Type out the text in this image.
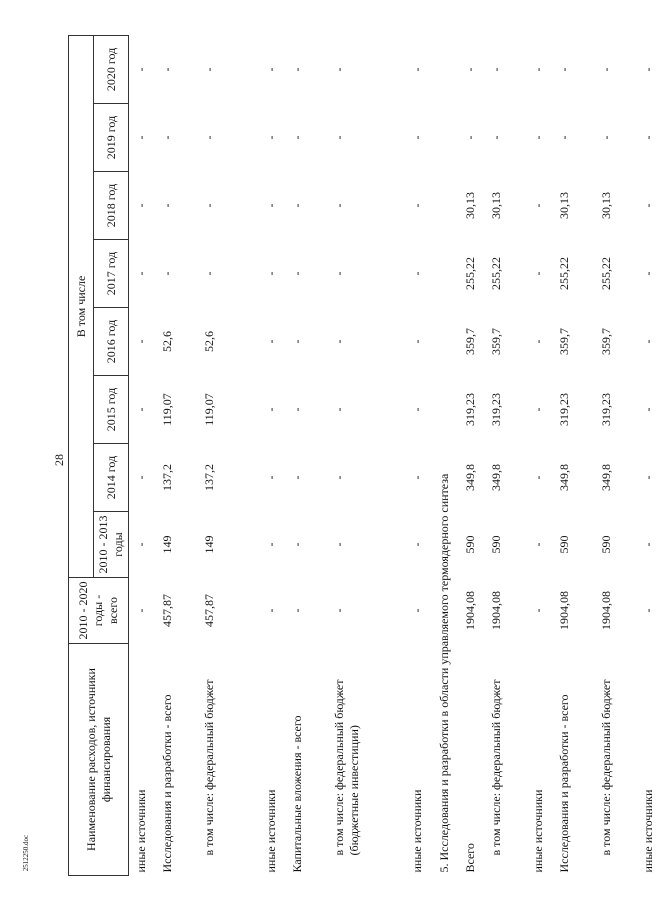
28
2512250.doc
Наименование расходов, источники финансирования	2010 - 2020 годы - всего	В том числе							
		2010 - 2013 годы	2014 год	2015 год	2016 год	2017 год	2018 год	2019 год	2020 год
иные источники	-	-	-	-	-	-	-	-	-
Исследования и разработки - всего	457,87	149	137,2	119,07	52,6	-	-	-	-
в том числе: федеральный бюджет	457,87	149	137,2	119,07	52,6	-	-	-	-
иные источники	-	-	-	-	-	-	-	-	-
Капитальные вложения - всего	-	-	-	-	-	-	-	-	-
в том числе: федеральный бюджет (бюджетные инвестиции)	-	-	-	-	-	-	-	-	-
иные источники	-	-	-	-	-	-	-	-	-
5. Исследования и разработки в области управляемого термоядерного синтеза									
Всего	1904,08	590	349,8	319,23	359,7	255,22	30,13	-	-
в том числе: федеральный бюджет	1904,08	590	349,8	319,23	359,7	255,22	30,13	-	-
иные источники	-	-	-	-	-	-	-	-	-
Исследования и разработки - всего	1904,08	590	349,8	319,23	359,7	255,22	30,13	-	-
в том числе: федеральный бюджет	1904,08	590	349,8	319,23	359,7	255,22	30,13	-	-
иные источники	-	-	-	-	-	-	-	-	-
